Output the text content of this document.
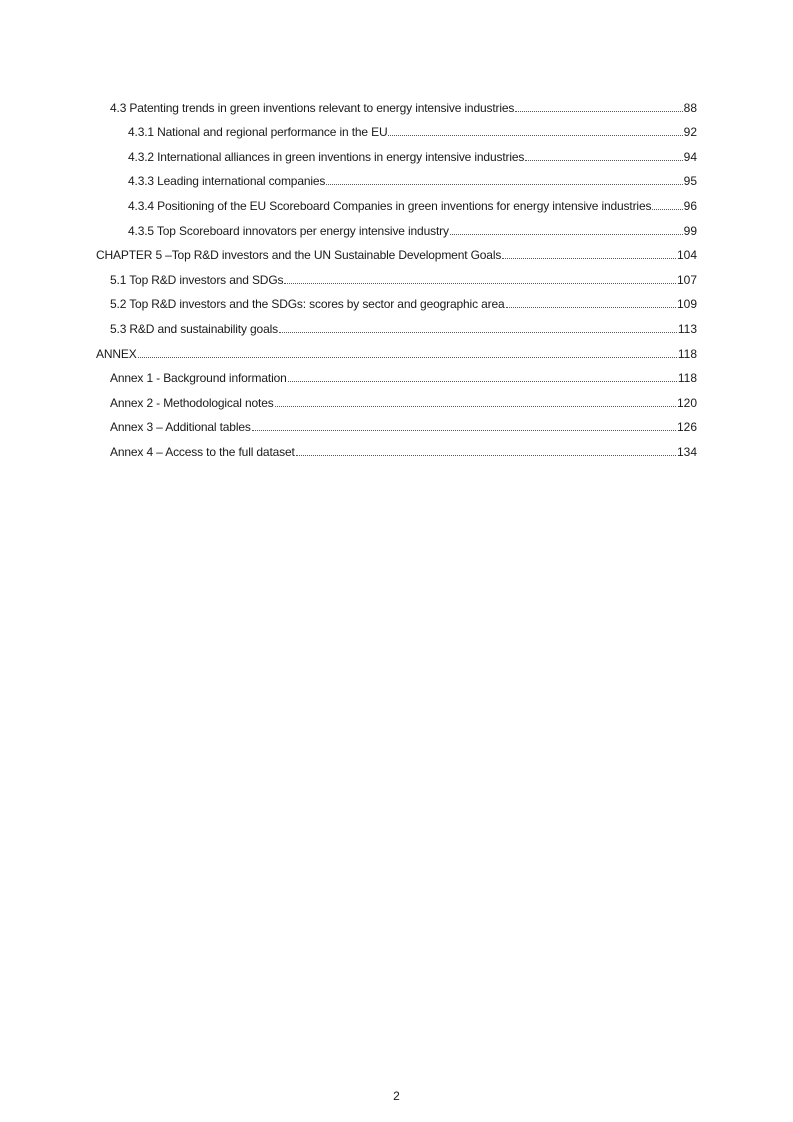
4.3 Patenting trends in green inventions relevant to energy intensive industries	88
4.3.1 National and regional performance in the EU	92
4.3.2 International alliances in green inventions in energy intensive industries	94
4.3.3 Leading international companies	95
4.3.4 Positioning of the EU Scoreboard Companies in green inventions for energy intensive industries	96
4.3.5 Top Scoreboard innovators per energy intensive industry	99
CHAPTER 5 –Top R&D investors and the UN Sustainable Development Goals	104
5.1 Top R&D investors and SDGs	107
5.2 Top R&D investors and the SDGs: scores by sector and geographic area	109
5.3 R&D and sustainability goals	113
ANNEX	118
Annex 1 - Background information	118
Annex 2 - Methodological notes	120
Annex 3 – Additional tables	126
Annex 4 – Access to the full dataset	134
2
